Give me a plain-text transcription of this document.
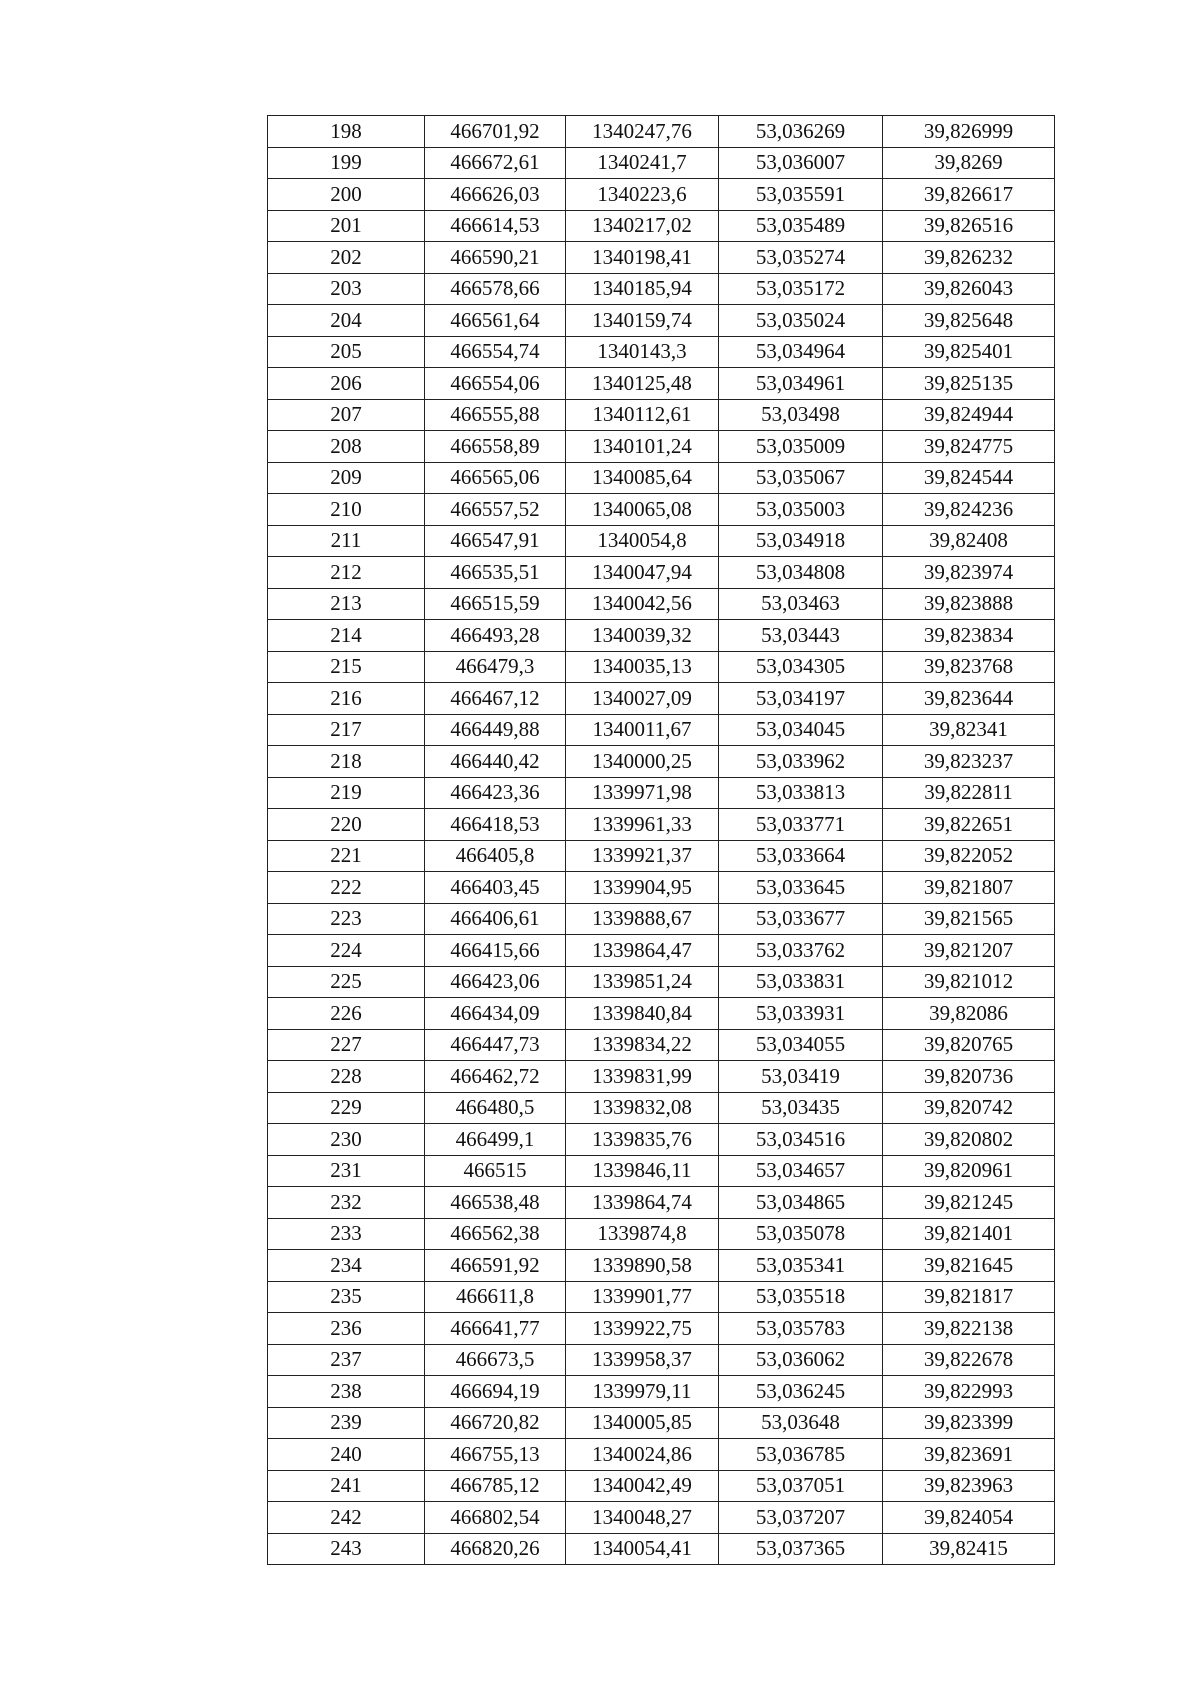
198	466701,92	1340247,76	53,036269	39,826999
199	466672,61	1340241,7	53,036007	39,8269
200	466626,03	1340223,6	53,035591	39,826617
201	466614,53	1340217,02	53,035489	39,826516
202	466590,21	1340198,41	53,035274	39,826232
203	466578,66	1340185,94	53,035172	39,826043
204	466561,64	1340159,74	53,035024	39,825648
205	466554,74	1340143,3	53,034964	39,825401
206	466554,06	1340125,48	53,034961	39,825135
207	466555,88	1340112,61	53,03498	39,824944
208	466558,89	1340101,24	53,035009	39,824775
209	466565,06	1340085,64	53,035067	39,824544
210	466557,52	1340065,08	53,035003	39,824236
211	466547,91	1340054,8	53,034918	39,82408
212	466535,51	1340047,94	53,034808	39,823974
213	466515,59	1340042,56	53,03463	39,823888
214	466493,28	1340039,32	53,03443	39,823834
215	466479,3	1340035,13	53,034305	39,823768
216	466467,12	1340027,09	53,034197	39,823644
217	466449,88	1340011,67	53,034045	39,82341
218	466440,42	1340000,25	53,033962	39,823237
219	466423,36	1339971,98	53,033813	39,822811
220	466418,53	1339961,33	53,033771	39,822651
221	466405,8	1339921,37	53,033664	39,822052
222	466403,45	1339904,95	53,033645	39,821807
223	466406,61	1339888,67	53,033677	39,821565
224	466415,66	1339864,47	53,033762	39,821207
225	466423,06	1339851,24	53,033831	39,821012
226	466434,09	1339840,84	53,033931	39,82086
227	466447,73	1339834,22	53,034055	39,820765
228	466462,72	1339831,99	53,03419	39,820736
229	466480,5	1339832,08	53,03435	39,820742
230	466499,1	1339835,76	53,034516	39,820802
231	466515	1339846,11	53,034657	39,820961
232	466538,48	1339864,74	53,034865	39,821245
233	466562,38	1339874,8	53,035078	39,821401
234	466591,92	1339890,58	53,035341	39,821645
235	466611,8	1339901,77	53,035518	39,821817
236	466641,77	1339922,75	53,035783	39,822138
237	466673,5	1339958,37	53,036062	39,822678
238	466694,19	1339979,11	53,036245	39,822993
239	466720,82	1340005,85	53,03648	39,823399
240	466755,13	1340024,86	53,036785	39,823691
241	466785,12	1340042,49	53,037051	39,823963
242	466802,54	1340048,27	53,037207	39,824054
243	466820,26	1340054,41	53,037365	39,82415
